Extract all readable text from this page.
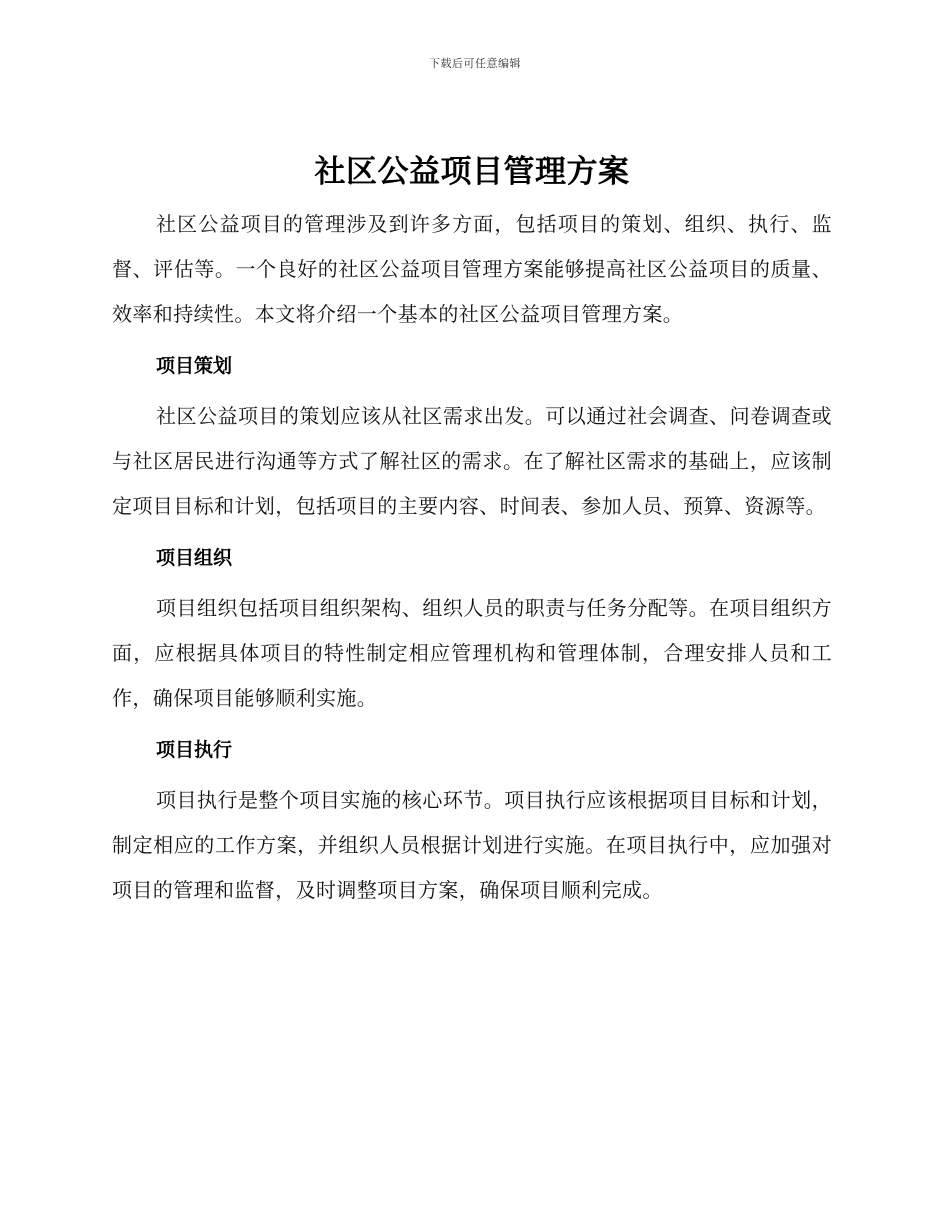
下载后可任意编辑
社区公益项目管理方案

社区公益项目的管理涉及到许多方面，包括项目的策划、组织、执行、监督、评估等。一个良好的社区公益项目管理方案能够提高社区公益项目的质量、效率和持续性。本文将介绍一个基本的社区公益项目管理方案。

项目策划

社区公益项目的策划应该从社区需求出发。可以通过社会调查、问卷调查或与社区居民进行沟通等方式了解社区的需求。在了解社区需求的基础上，应该制定项目目标和计划，包括项目的主要内容、时间表、参加人员、预算、资源等。

项目组织

项目组织包括项目组织架构、组织人员的职责与任务分配等。在项目组织方面，应根据具体项目的特性制定相应管理机构和管理体制，合理安排人员和工作，确保项目能够顺利实施。

项目执行

项目执行是整个项目实施的核心环节。项目执行应该根据项目目标和计划，制定相应的工作方案，并组织人员根据计划进行实施。在项目执行中，应加强对项目的管理和监督，及时调整项目方案，确保项目顺利完成。
